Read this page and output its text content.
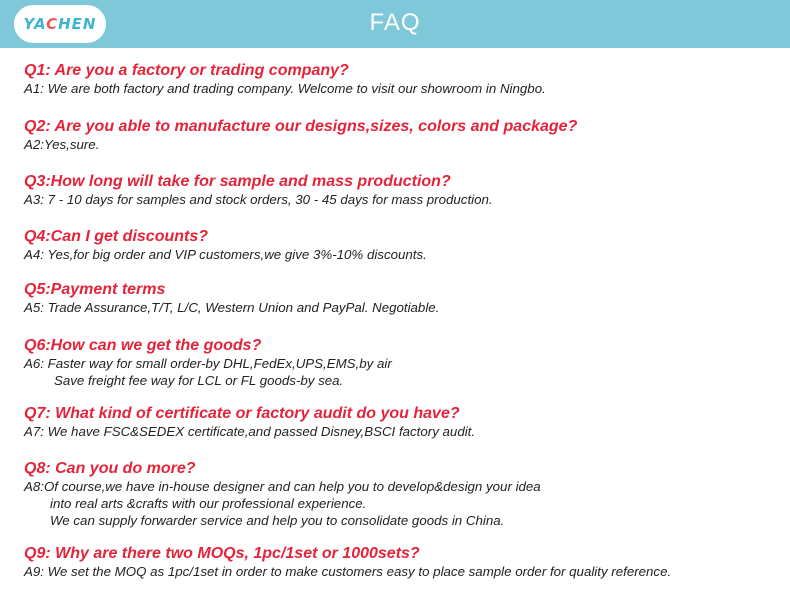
YACHEN	FAQ
Q1: Are you a factory or trading company?
A1: We are both factory and trading company. Welcome to visit our showroom in Ningbo.
Q2: Are you able to manufacture our designs,sizes, colors and package?
A2:Yes,sure.
Q3:How long will take for sample and mass production?
A3: 7 - 10 days for samples and stock orders, 30 - 45 days for mass production.
Q4:Can I get discounts?
A4: Yes,for big order and VIP customers,we give 3%-10% discounts.
Q5:Payment terms
A5: Trade Assurance,T/T, L/C, Western Union and PayPal. Negotiable.
Q6:How can we get the goods?
A6: Faster way for small order-by DHL,FedEx,UPS,EMS,by air
Save freight fee way for LCL or FL goods-by sea.
Q7: What kind of certificate or factory audit do you have?
A7: We have FSC&SEDEX certificate,and passed Disney,BSCI factory audit.
Q8: Can you do more?
A8:Of course,we have in-house designer and can help you to develop&design your idea
into real arts &crafts with our professional experience.
We can supply forwarder service and help you to consolidate goods in China.
Q9: Why are there two MOQs, 1pc/1set or 1000sets?
A9: We set the MOQ as 1pc/1set in order to make customers easy to place sample order for quality reference.
